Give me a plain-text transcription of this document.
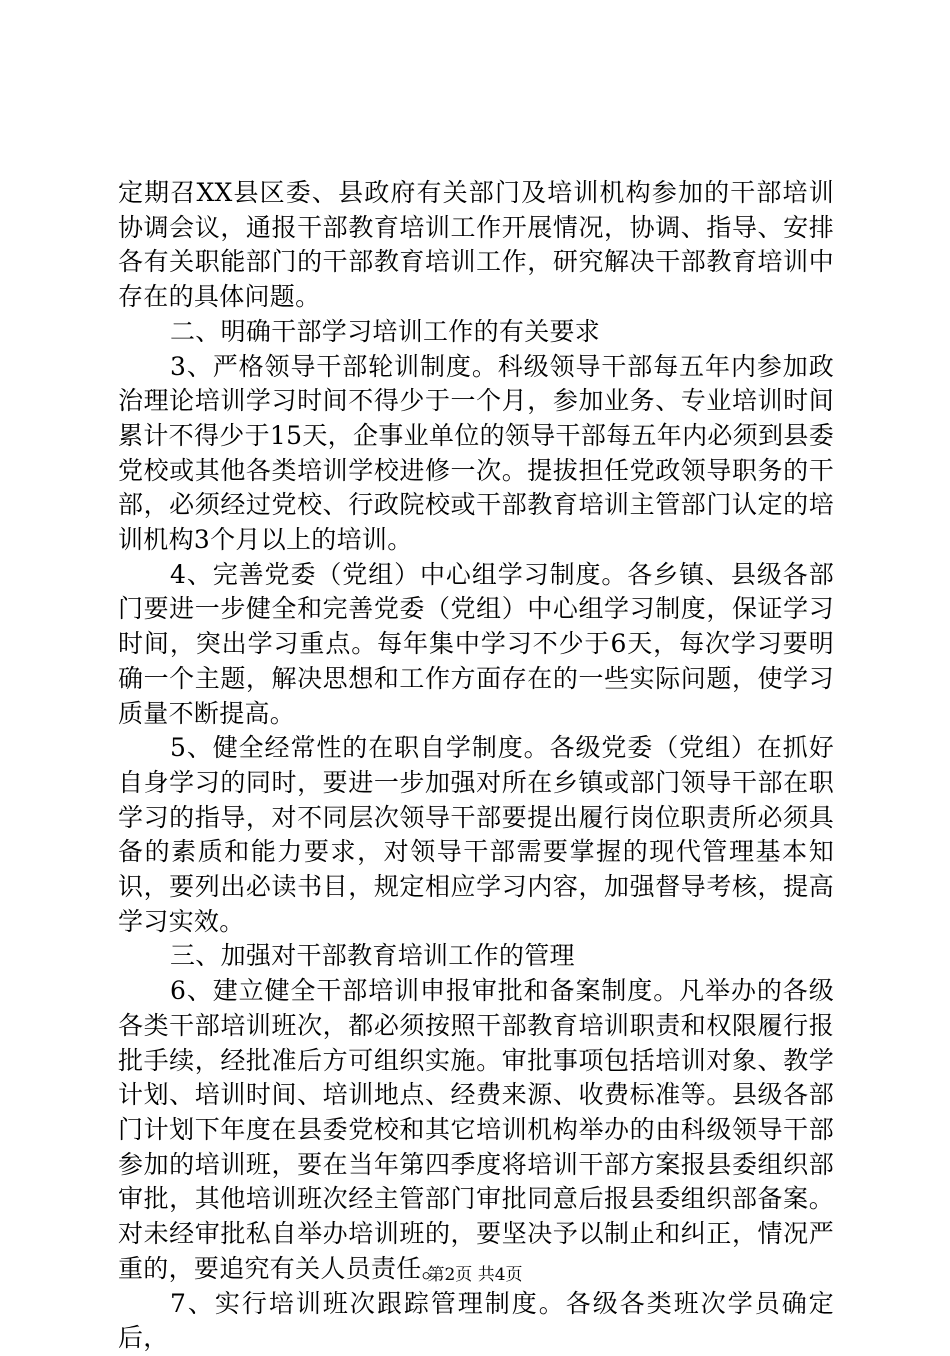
定期召XX县区委、县政府有关部门及培训机构参加的干部培训协调会议，通报干部教育培训工作开展情况，协调、指导、安排各有关职能部门的干部教育培训工作，研究解决干部教育培训中存在的具体问题。

二、明确干部学习培训工作的有关要求

3、严格领导干部轮训制度。科级领导干部每五年内参加政治理论培训学习时间不得少于一个月，参加业务、专业培训时间累计不得少于15天，企事业单位的领导干部每五年内必须到县委党校或其他各类培训学校进修一次。提拔担任党政领导职务的干部，必须经过党校、行政院校或干部教育培训主管部门认定的培训机构3个月以上的培训。

4、完善党委（党组）中心组学习制度。各乡镇、县级各部门要进一步健全和完善党委（党组）中心组学习制度，保证学习时间，突出学习重点。每年集中学习不少于6天，每次学习要明确一个主题，解决思想和工作方面存在的一些实际问题，使学习质量不断提高。

5、健全经常性的在职自学制度。各级党委（党组）在抓好自身学习的同时，要进一步加强对所在乡镇或部门领导干部在职学习的指导，对不同层次领导干部要提出履行岗位职责所必须具备的素质和能力要求，对领导干部需要掌握的现代管理基本知识，要列出必读书目，规定相应学习内容，加强督导考核，提高学习实效。

三、加强对干部教育培训工作的管理

6、建立健全干部培训申报审批和备案制度。凡举办的各级各类干部培训班次，都必须按照干部教育培训职责和权限履行报批手续，经批准后方可组织实施。审批事项包括培训对象、教学计划、培训时间、培训地点、经费来源、收费标准等。县级各部门计划下年度在县委党校和其它培训机构举办的由科级领导干部参加的培训班，要在当年第四季度将培训干部方案报县委组织部审批，其他培训班次经主管部门审批同意后报县委组织部备案。对未经审批私自举办培训班的，要坚决予以制止和纠正，情况严重的，要追究有关人员责任。

7、实行培训班次跟踪管理制度。各级各类班次学员确定后，

第2页 共4页
